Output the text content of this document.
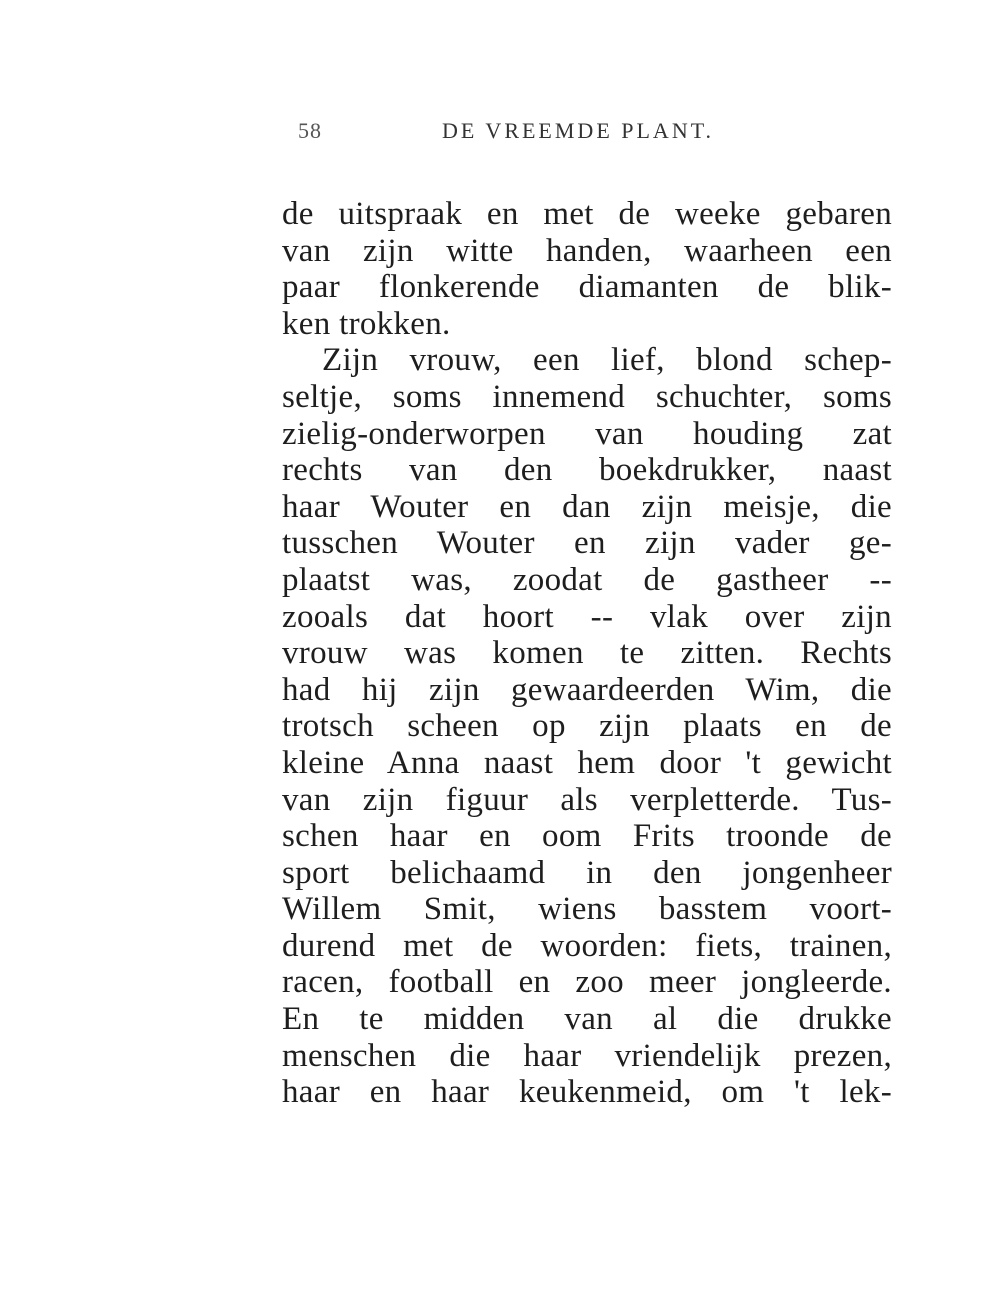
58	DE VREEMDE PLANT.
de uitspraak en met de weeke gebaren
van zijn witte handen, waarheen een
paar flonkerende diamanten de blik-
ken trokken.
Zijn vrouw, een lief, blond schep-
seltje, soms innemend schuchter, soms
zielig-onderworpen van houding zat
rechts van den boekdrukker, naast
haar Wouter en dan zijn meisje, die
tusschen Wouter en zijn vader ge-
plaatst was, zoodat de gastheer --
zooals dat hoort -- vlak over zijn
vrouw was komen te zitten. Rechts
had hij zijn gewaardeerden Wim, die
trotsch scheen op zijn plaats en de
kleine Anna naast hem door 't gewicht
van zijn figuur als verpletterde. Tus-
schen haar en oom Frits troonde de
sport belichaamd in den jongenheer
Willem Smit, wiens basstem voort-
durend met de woorden: fiets, trainen,
racen, football en zoo meer jongleerde.
En te midden van al die drukke
menschen die haar vriendelijk prezen,
haar en haar keukenmeid, om 't lek-
